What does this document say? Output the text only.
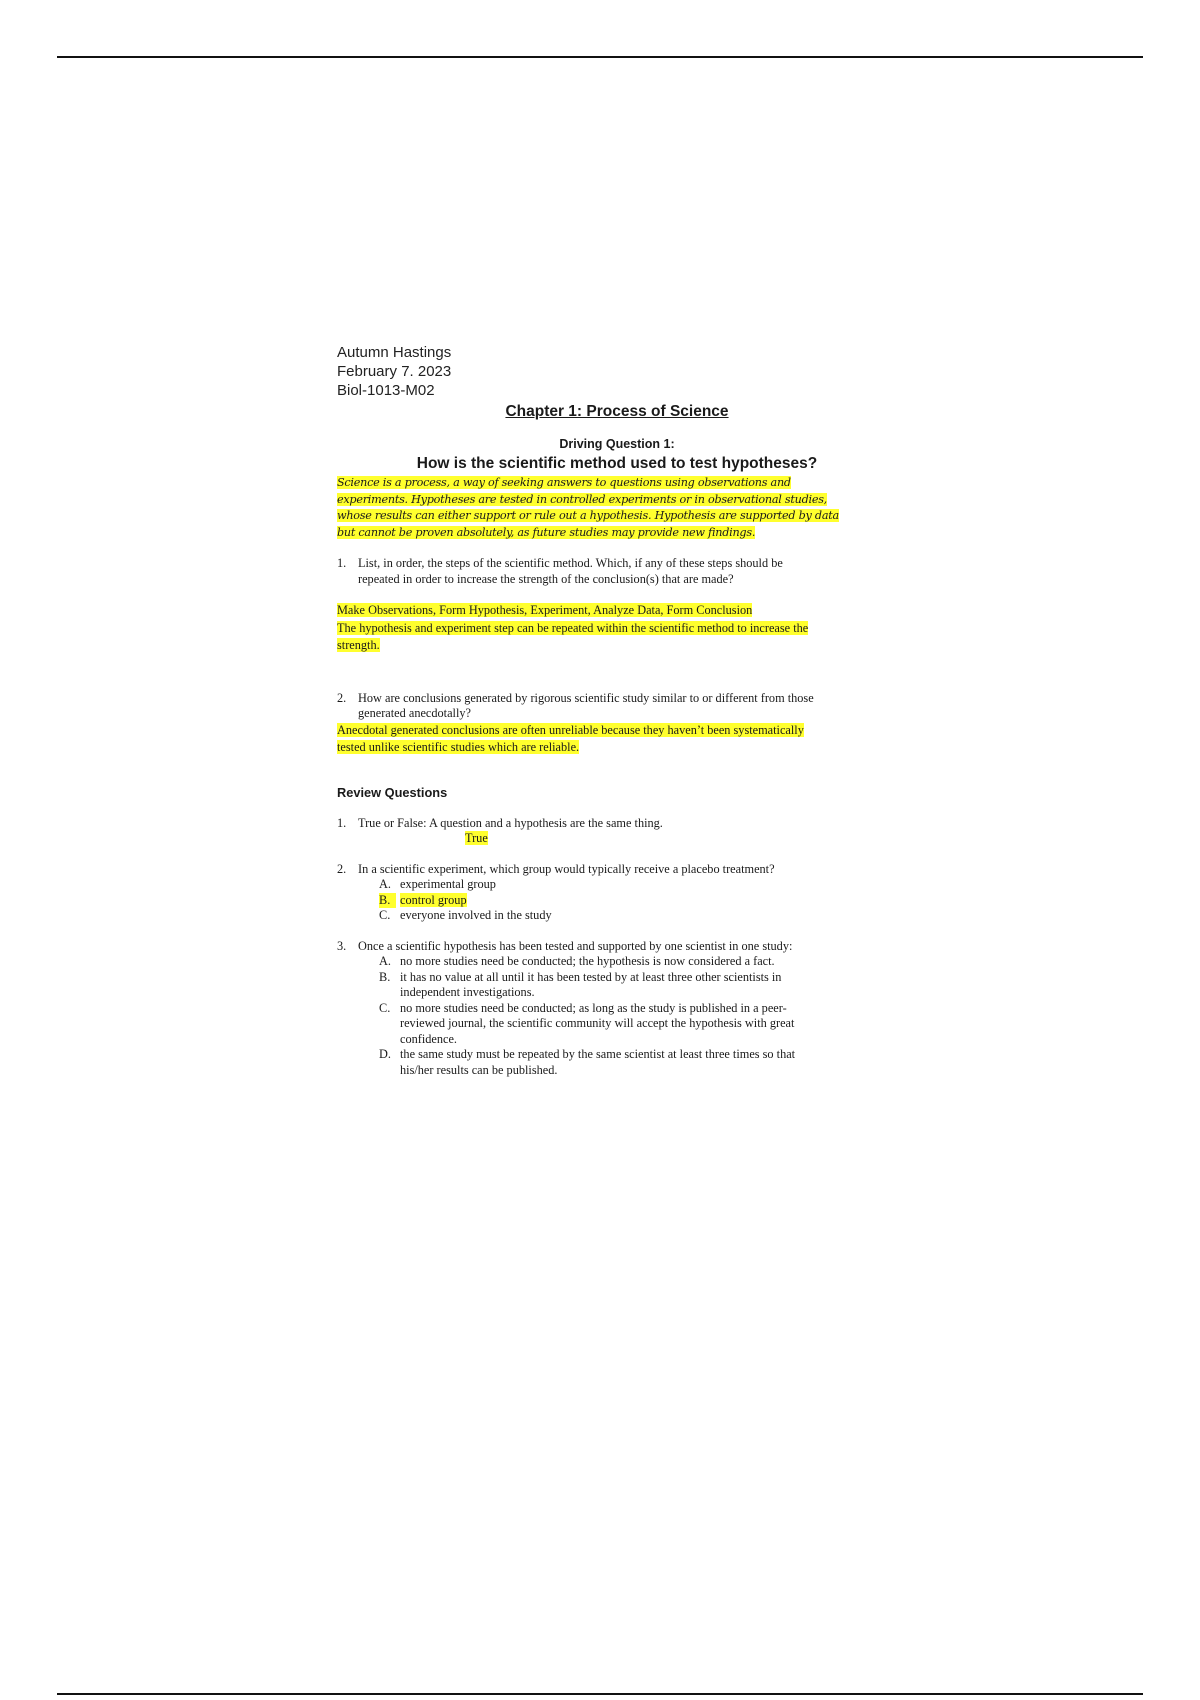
Autumn Hastings
February 7. 2023
Biol-1013-M02
Chapter 1: Process of Science
Driving Question 1:
How is the scientific method used to test hypotheses?
Science is a process, a way of seeking answers to questions using observations and
experiments. Hypotheses are tested in controlled experiments or in observational studies,
whose results can either support or rule out a hypothesis. Hypothesis are supported by data
but cannot be proven absolutely, as future studies may provide new findings.
1. List, in order, the steps of the scientific method. Which, if any of these steps should be
repeated in order to increase the strength of the conclusion(s) that are made?
Make Observations, Form Hypothesis, Experiment, Analyze Data, Form Conclusion
The hypothesis and experiment step can be repeated within the scientific method to increase the
strength.
2. How are conclusions generated by rigorous scientific study similar to or different from those
generated anecdotally?
Anecdotal generated conclusions are often unreliable because they haven’t been systematically
tested unlike scientific studies which are reliable.
Review Questions
1. True or False: A question and a hypothesis are the same thing.
True
2. In a scientific experiment, which group would typically receive a placebo treatment?
A. experimental group
B. control group
C. everyone involved in the study
3. Once a scientific hypothesis has been tested and supported by one scientist in one study:
A. no more studies need be conducted; the hypothesis is now considered a fact.
B. it has no value at all until it has been tested by at least three other scientists in
independent investigations.
C. no more studies need be conducted; as long as the study is published in a peer-
reviewed journal, the scientific community will accept the hypothesis with great
confidence.
D. the same study must be repeated by the same scientist at least three times so that
his/her results can be published.
